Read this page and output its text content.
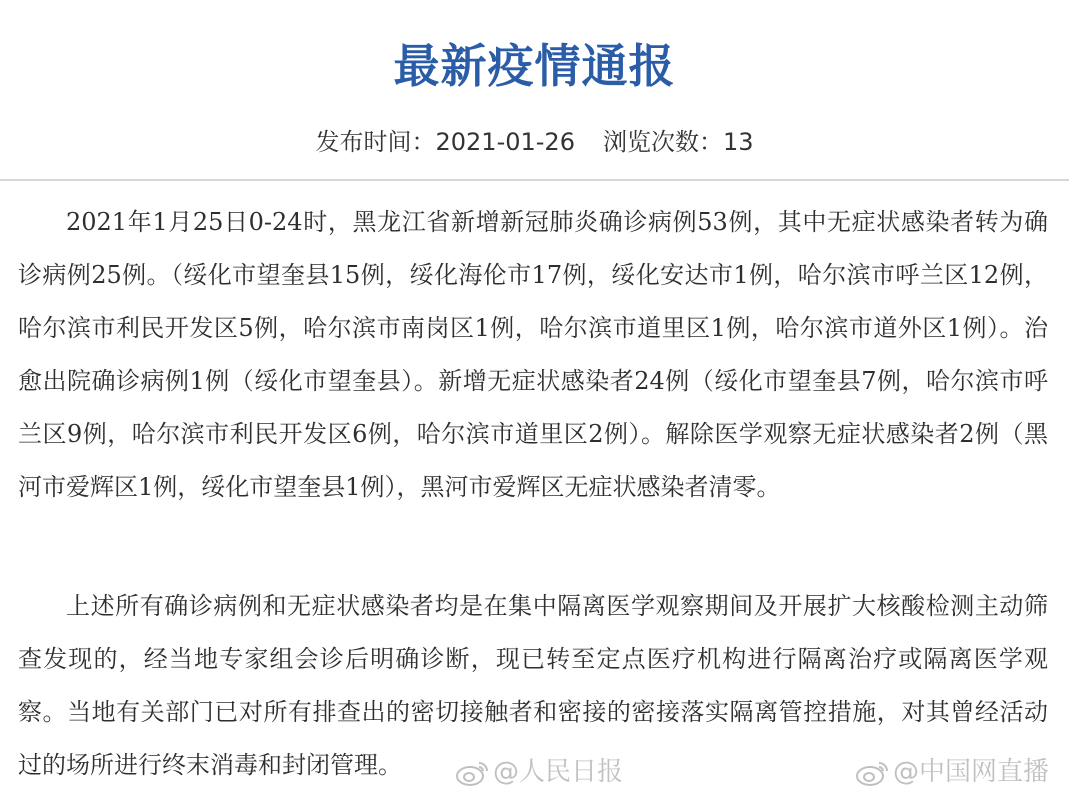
最新疫情通报
发布时间：2021-01-26 浏览次数：13

2021年1月25日0-24时，黑龙江省新增新冠肺炎确诊病例53例，其中无症状感染者转为确诊病例25例。（绥化市望奎县15例，绥化海伦市17例，绥化安达市1例，哈尔滨市呼兰区12例，哈尔滨市利民开发区5例，哈尔滨市南岗区1例，哈尔滨市道里区1例，哈尔滨市道外区1例）。治愈出院确诊病例1例（绥化市望奎县）。新增无症状感染者24例（绥化市望奎县7例，哈尔滨市呼兰区9例，哈尔滨市利民开发区6例，哈尔滨市道里区2例）。解除医学观察无症状感染者2例（黑河市爱辉区1例，绥化市望奎县1例），黑河市爱辉区无症状感染者清零。

上述所有确诊病例和无症状感染者均是在集中隔离医学观察期间及开展扩大核酸检测主动筛查发现的，经当地专家组会诊后明确诊断，现已转至定点医疗机构进行隔离治疗或隔离医学观察。当地有关部门已对所有排查出的密切接触者和密接的密接落实隔离管控措施，对其曾经活动过的场所进行终末消毒和封闭管理。	@人民日报	@中国网直播
